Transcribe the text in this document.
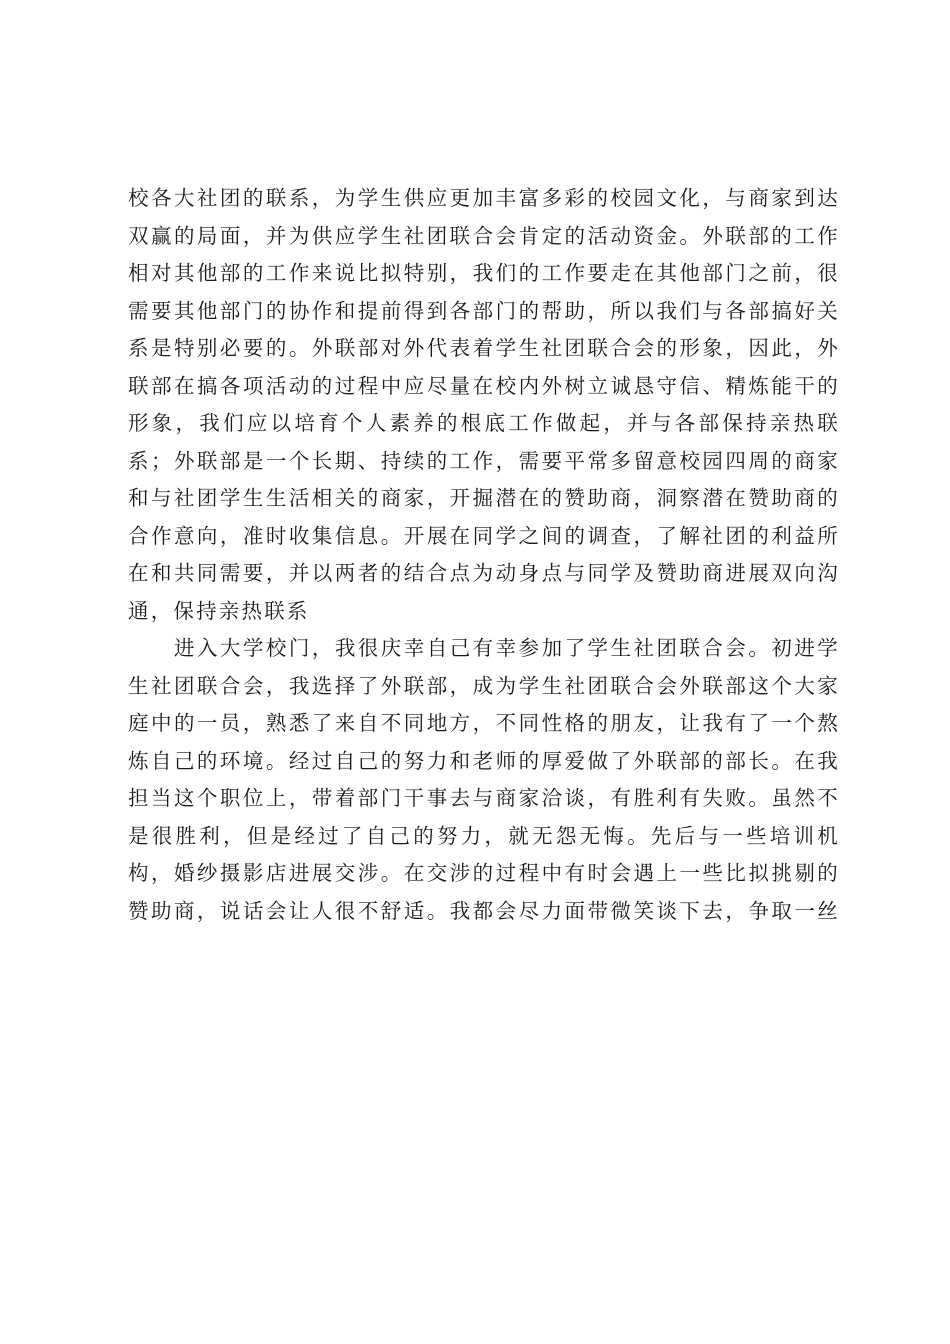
校各大社团的联系，为学生供应更加丰富多彩的校园文化，与商家到达
双赢的局面，并为供应学生社团联合会肯定的活动资金。外联部的工作
相对其他部的工作来说比拟特别，我们的工作要走在其他部门之前，很
需要其他部门的协作和提前得到各部门的帮助，所以我们与各部搞好关
系是特别必要的。外联部对外代表着学生社团联合会的形象，因此，外
联部在搞各项活动的过程中应尽量在校内外树立诚恳守信、精炼能干的
形象，我们应以培育个人素养的根底工作做起，并与各部保持亲热联
系；外联部是一个长期、持续的工作，需要平常多留意校园四周的商家
和与社团学生生活相关的商家，开掘潜在的赞助商，洞察潜在赞助商的
合作意向，准时收集信息。开展在同学之间的调查，了解社团的利益所
在和共同需要，并以两者的结合点为动身点与同学及赞助商进展双向沟
通，保持亲热联系
进入大学校门，我很庆幸自己有幸参加了学生社团联合会。初进学
生社团联合会，我选择了外联部，成为学生社团联合会外联部这个大家
庭中的一员，熟悉了来自不同地方，不同性格的朋友，让我有了一个熬
炼自己的环境。经过自己的努力和老师的厚爱做了外联部的部长。在我
担当这个职位上，带着部门干事去与商家洽谈，有胜利有失败。虽然不
是很胜利，但是经过了自己的努力，就无怨无悔。先后与一些培训机
构，婚纱摄影店进展交涉。在交涉的过程中有时会遇上一些比拟挑剔的
赞助商，说话会让人很不舒适。我都会尽力面带微笑谈下去，争取一丝
